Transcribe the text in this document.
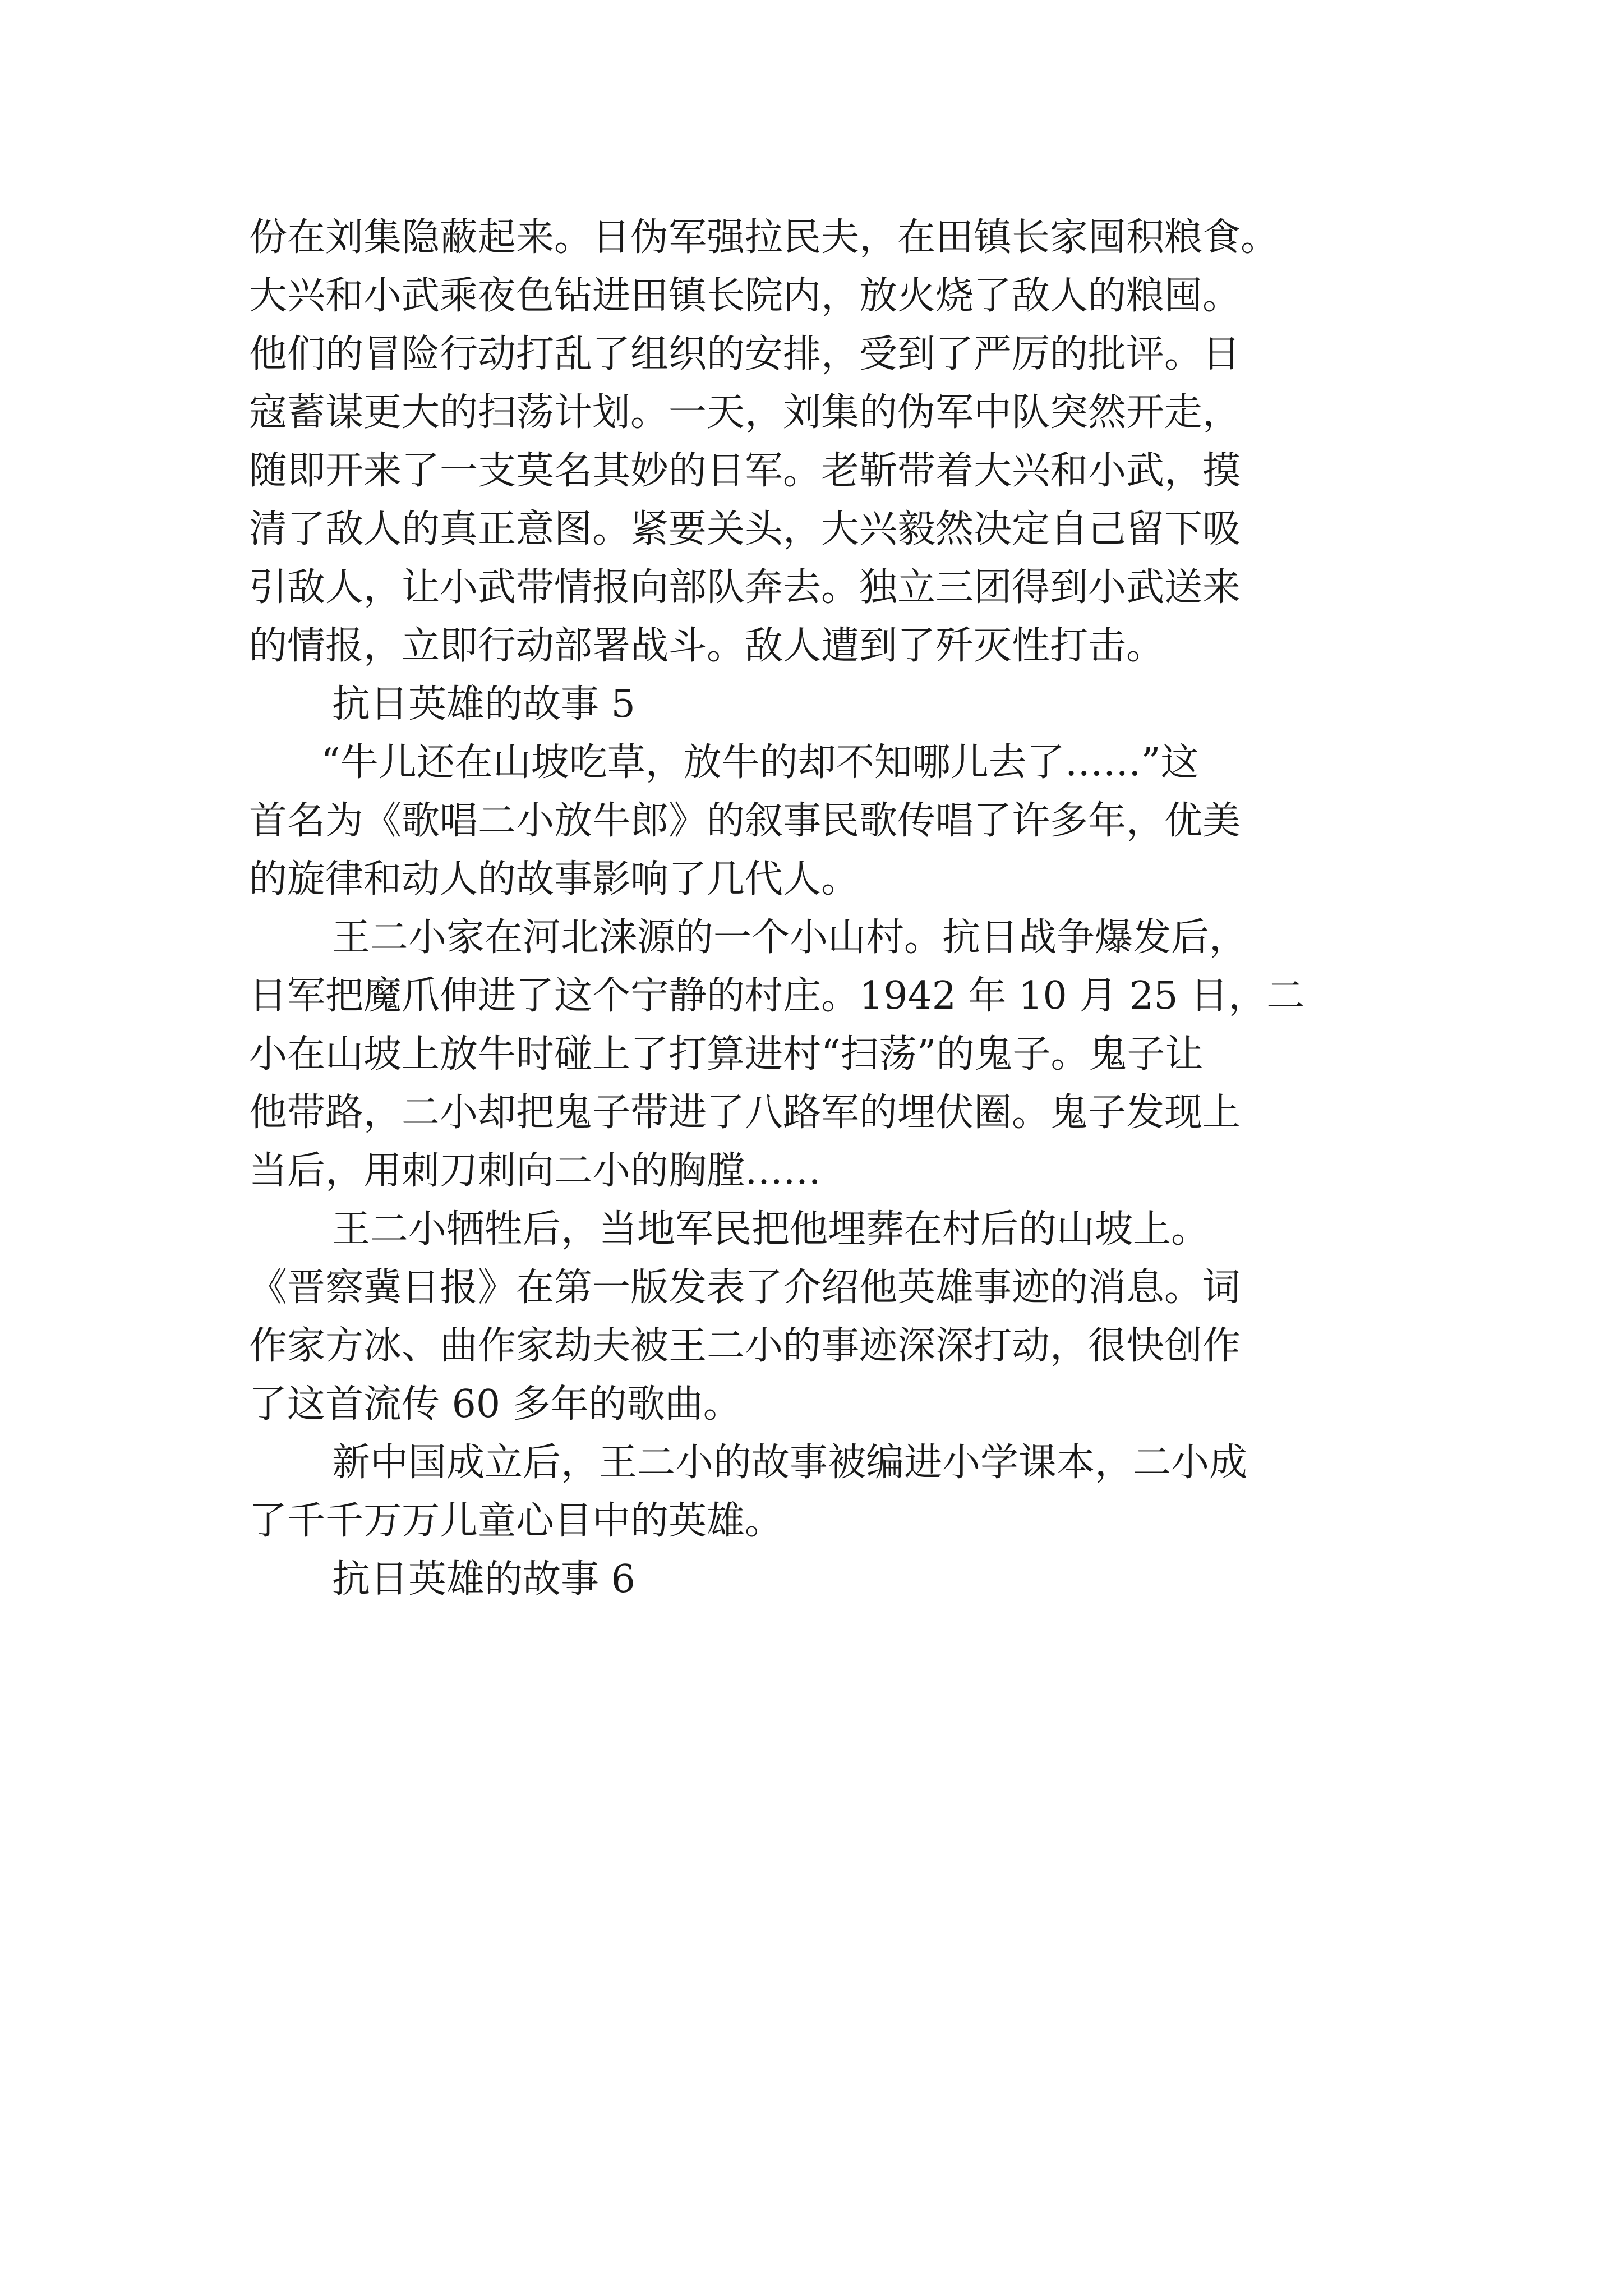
份在刘集隐蔽起来。日伪军强拉民夫，在田镇长家囤积粮食。
大兴和小武乘夜色钻进田镇长院内，放火烧了敌人的粮囤。
他们的冒险行动打乱了组织的安排，受到了严厉的批评。日
寇蓄谋更大的扫荡计划。一天，刘集的伪军中队突然开走，
随即开来了一支莫名其妙的日军。老靳带着大兴和小武，摸
清了敌人的真正意图。紧要关头，大兴毅然决定自己留下吸
引敌人，让小武带情报向部队奔去。独立三团得到小武送来
的情报，立即行动部署战斗。敌人遭到了歼灭性打击。
抗日英雄的故事 5
“牛儿还在山坡吃草，放牛的却不知哪儿去了……”这
首名为《歌唱二小放牛郎》的叙事民歌传唱了许多年，优美
的旋律和动人的故事影响了几代人。
王二小家在河北涞源的一个小山村。抗日战争爆发后，
日军把魔爪伸进了这个宁静的村庄。1942 年 10 月 25 日，二
小在山坡上放牛时碰上了打算进村“扫荡”的鬼子。鬼子让
他带路，二小却把鬼子带进了八路军的埋伏圈。鬼子发现上
当后，用刺刀刺向二小的胸膛……
王二小牺牲后，当地军民把他埋葬在村后的山坡上。
《晋察冀日报》在第一版发表了介绍他英雄事迹的消息。词
作家方冰、曲作家劫夫被王二小的事迹深深打动，很快创作
了这首流传 60 多年的歌曲。
新中国成立后，王二小的故事被编进小学课本，二小成
了千千万万儿童心目中的英雄。
抗日英雄的故事 6
